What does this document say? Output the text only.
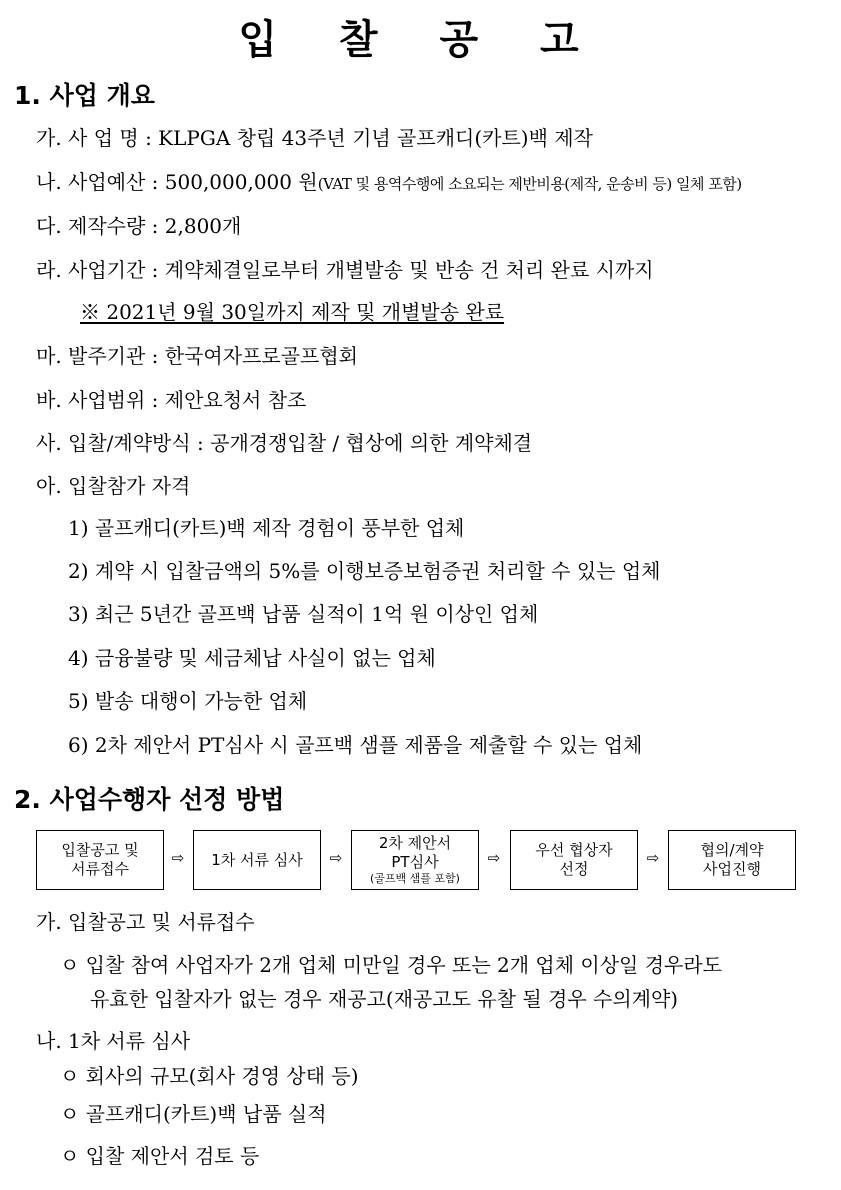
입 찰 공 고
1. 사업 개요
가. 사 업 명 : KLPGA 창립 43주년 기념 골프캐디(카트)백 제작
나. 사업예산 : 500,000,000 원(VAT 및 용역수행에 소요되는 제반비용(제작, 운송비 등) 일체 포함)
다. 제작수량 : 2,800개
라. 사업기간 : 계약체결일로부터 개별발송 및 반송 건 처리 완료 시까지
※ 2021년 9월 30일까지 제작 및 개별발송 완료
마. 발주기관 : 한국여자프로골프협회
바. 사업범위 : 제안요청서 참조
사. 입찰/계약방식 : 공개경쟁입찰 / 협상에 의한 계약체결
아. 입찰참가 자격
1) 골프캐디(카트)백 제작 경험이 풍부한 업체
2) 계약 시 입찰금액의 5%를 이행보증보험증권 처리할 수 있는 업체
3) 최근 5년간 골프백 납품 실적이 1억 원 이상인 업체
4) 금융불량 및 세금체납 사실이 없는 업체
5) 발송 대행이 가능한 업체
6) 2차 제안서 PT심사 시 골프백 샘플 제품을 제출할 수 있는 업체
2. 사업수행자 선정 방법
입찰공고 및
서류접수
⇨	1차 서류 심사	⇨
2차 제안서
PT심사
(골프백 샘플 포함)
⇨	우선 협상자
선정
⇨	협의/계약
사업진행
가. 입찰공고 및 서류접수
ㅇ 입찰 참여 사업자가 2개 업체 미만일 경우 또는 2개 업체 이상일 경우라도
유효한 입찰자가 없는 경우 재공고(재공고도 유찰 될 경우 수의계약)
나. 1차 서류 심사
ㅇ 회사의 규모(회사 경영 상태 등)
ㅇ 골프캐디(카트)백 납품 실적
ㅇ 입찰 제안서 검토 등
